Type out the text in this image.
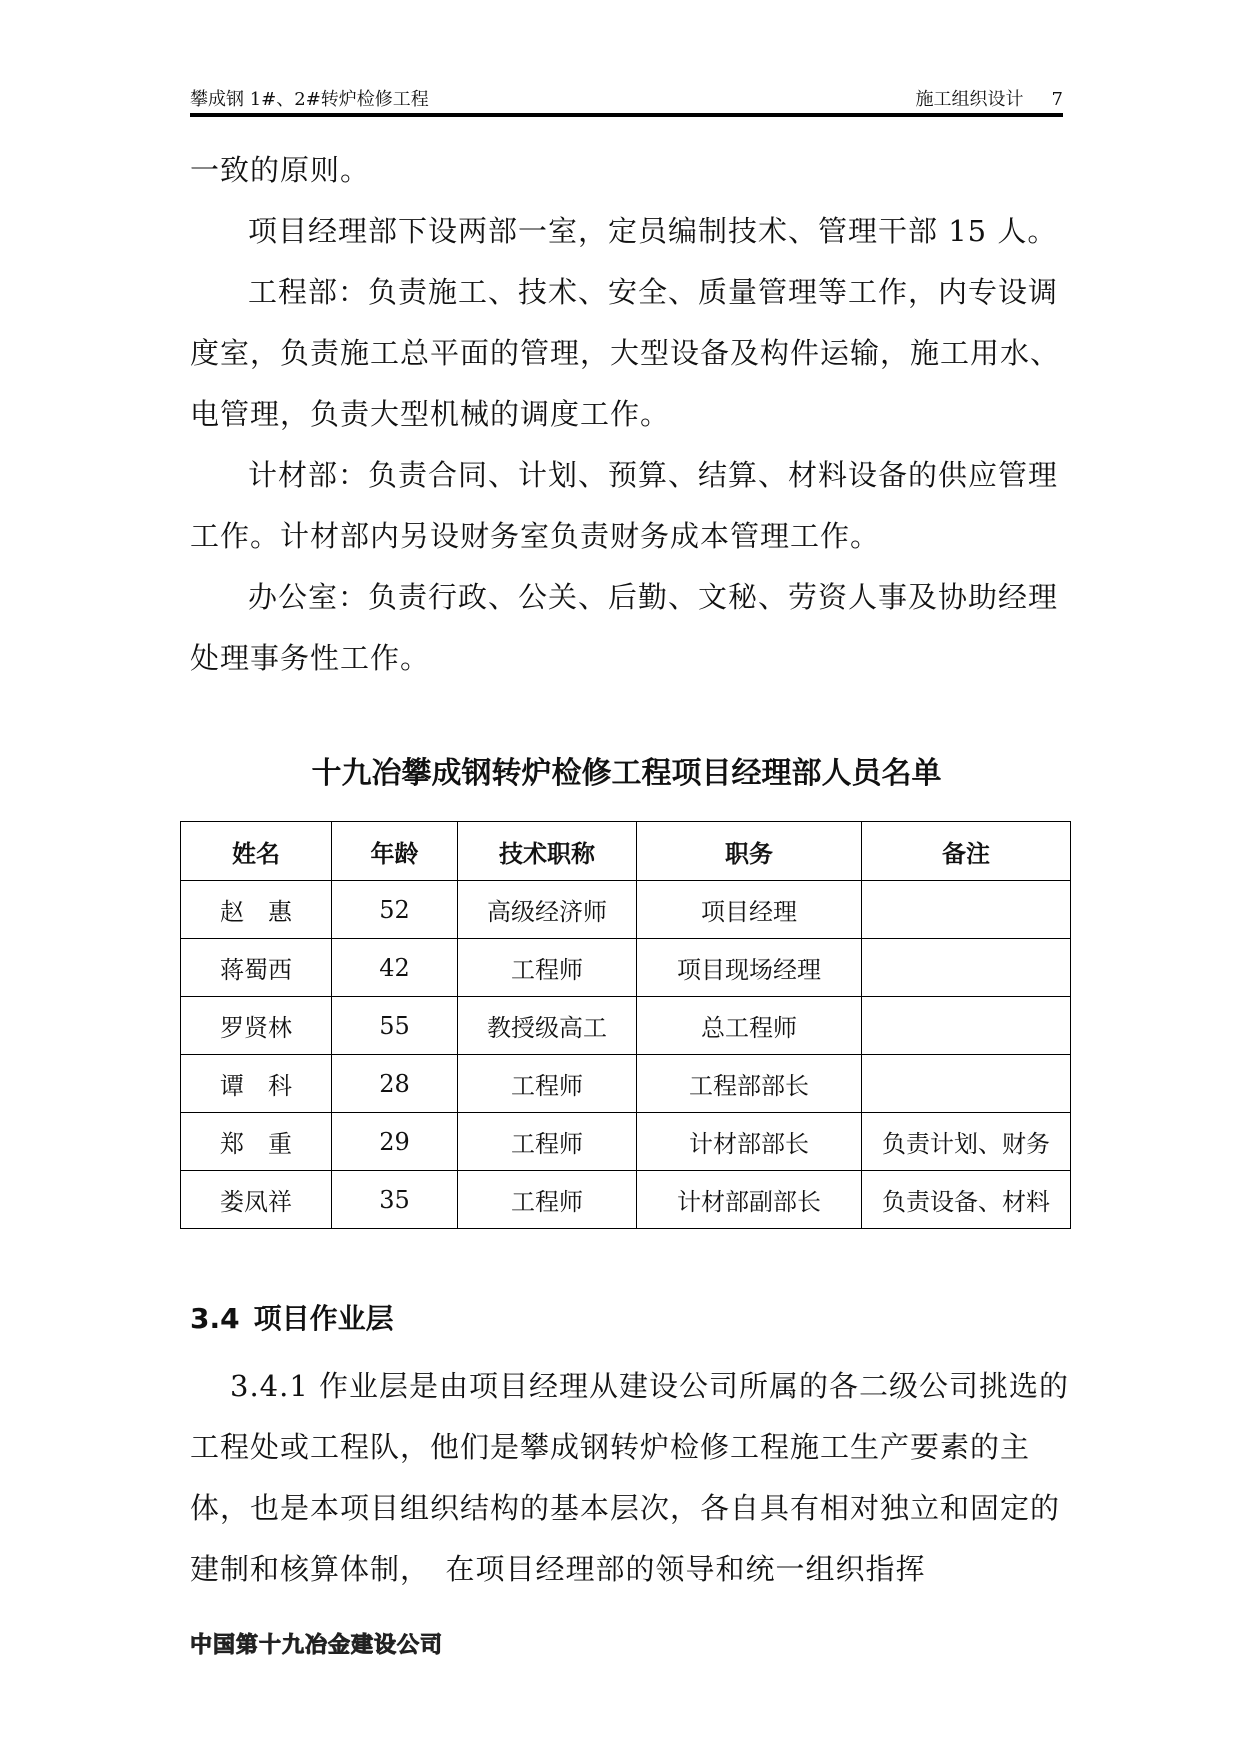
攀成钢 1#、2#转炉检修工程	施工组织设计 7

一致的原则。

项目经理部下设两部一室，定员编制技术、管理干部 15 人。

工程部：负责施工、技术、安全、质量管理等工作，内专设调度室，负责施工总平面的管理，大型设备及构件运输，施工用水、电管理，负责大型机械的调度工作。

计材部：负责合同、计划、预算、结算、材料设备的供应管理工作。计材部内另设财务室负责财务成本管理工作。

办公室：负责行政、公关、后勤、文秘、劳资人事及协助经理处理事务性工作。

十九冶攀成钢转炉检修工程项目经理部人员名单
姓名	年龄	技术职称	职务	备注
赵　惠	52	高级经济师	项目经理	
蒋蜀西	42	工程师	项目现场经理	
罗贤林	55	教授级高工	总工程师	
谭　科	28	工程师	工程部部长	
郑　重	29	工程师	计材部部长	负责计划、财务
娄凤祥	35	工程师	计材部副部长	负责设备、材料
3.4 项目作业层

3.4.1 作业层是由项目经理从建设公司所属的各二级公司挑选的工程处或工程队，他们是攀成钢转炉检修工程施工生产要素的主体，也是本项目组织结构的基本层次，各自具有相对独立和固定的建制和核算体制，　在项目经理部的领导和统一组织指挥

中国第十九冶金建设公司
